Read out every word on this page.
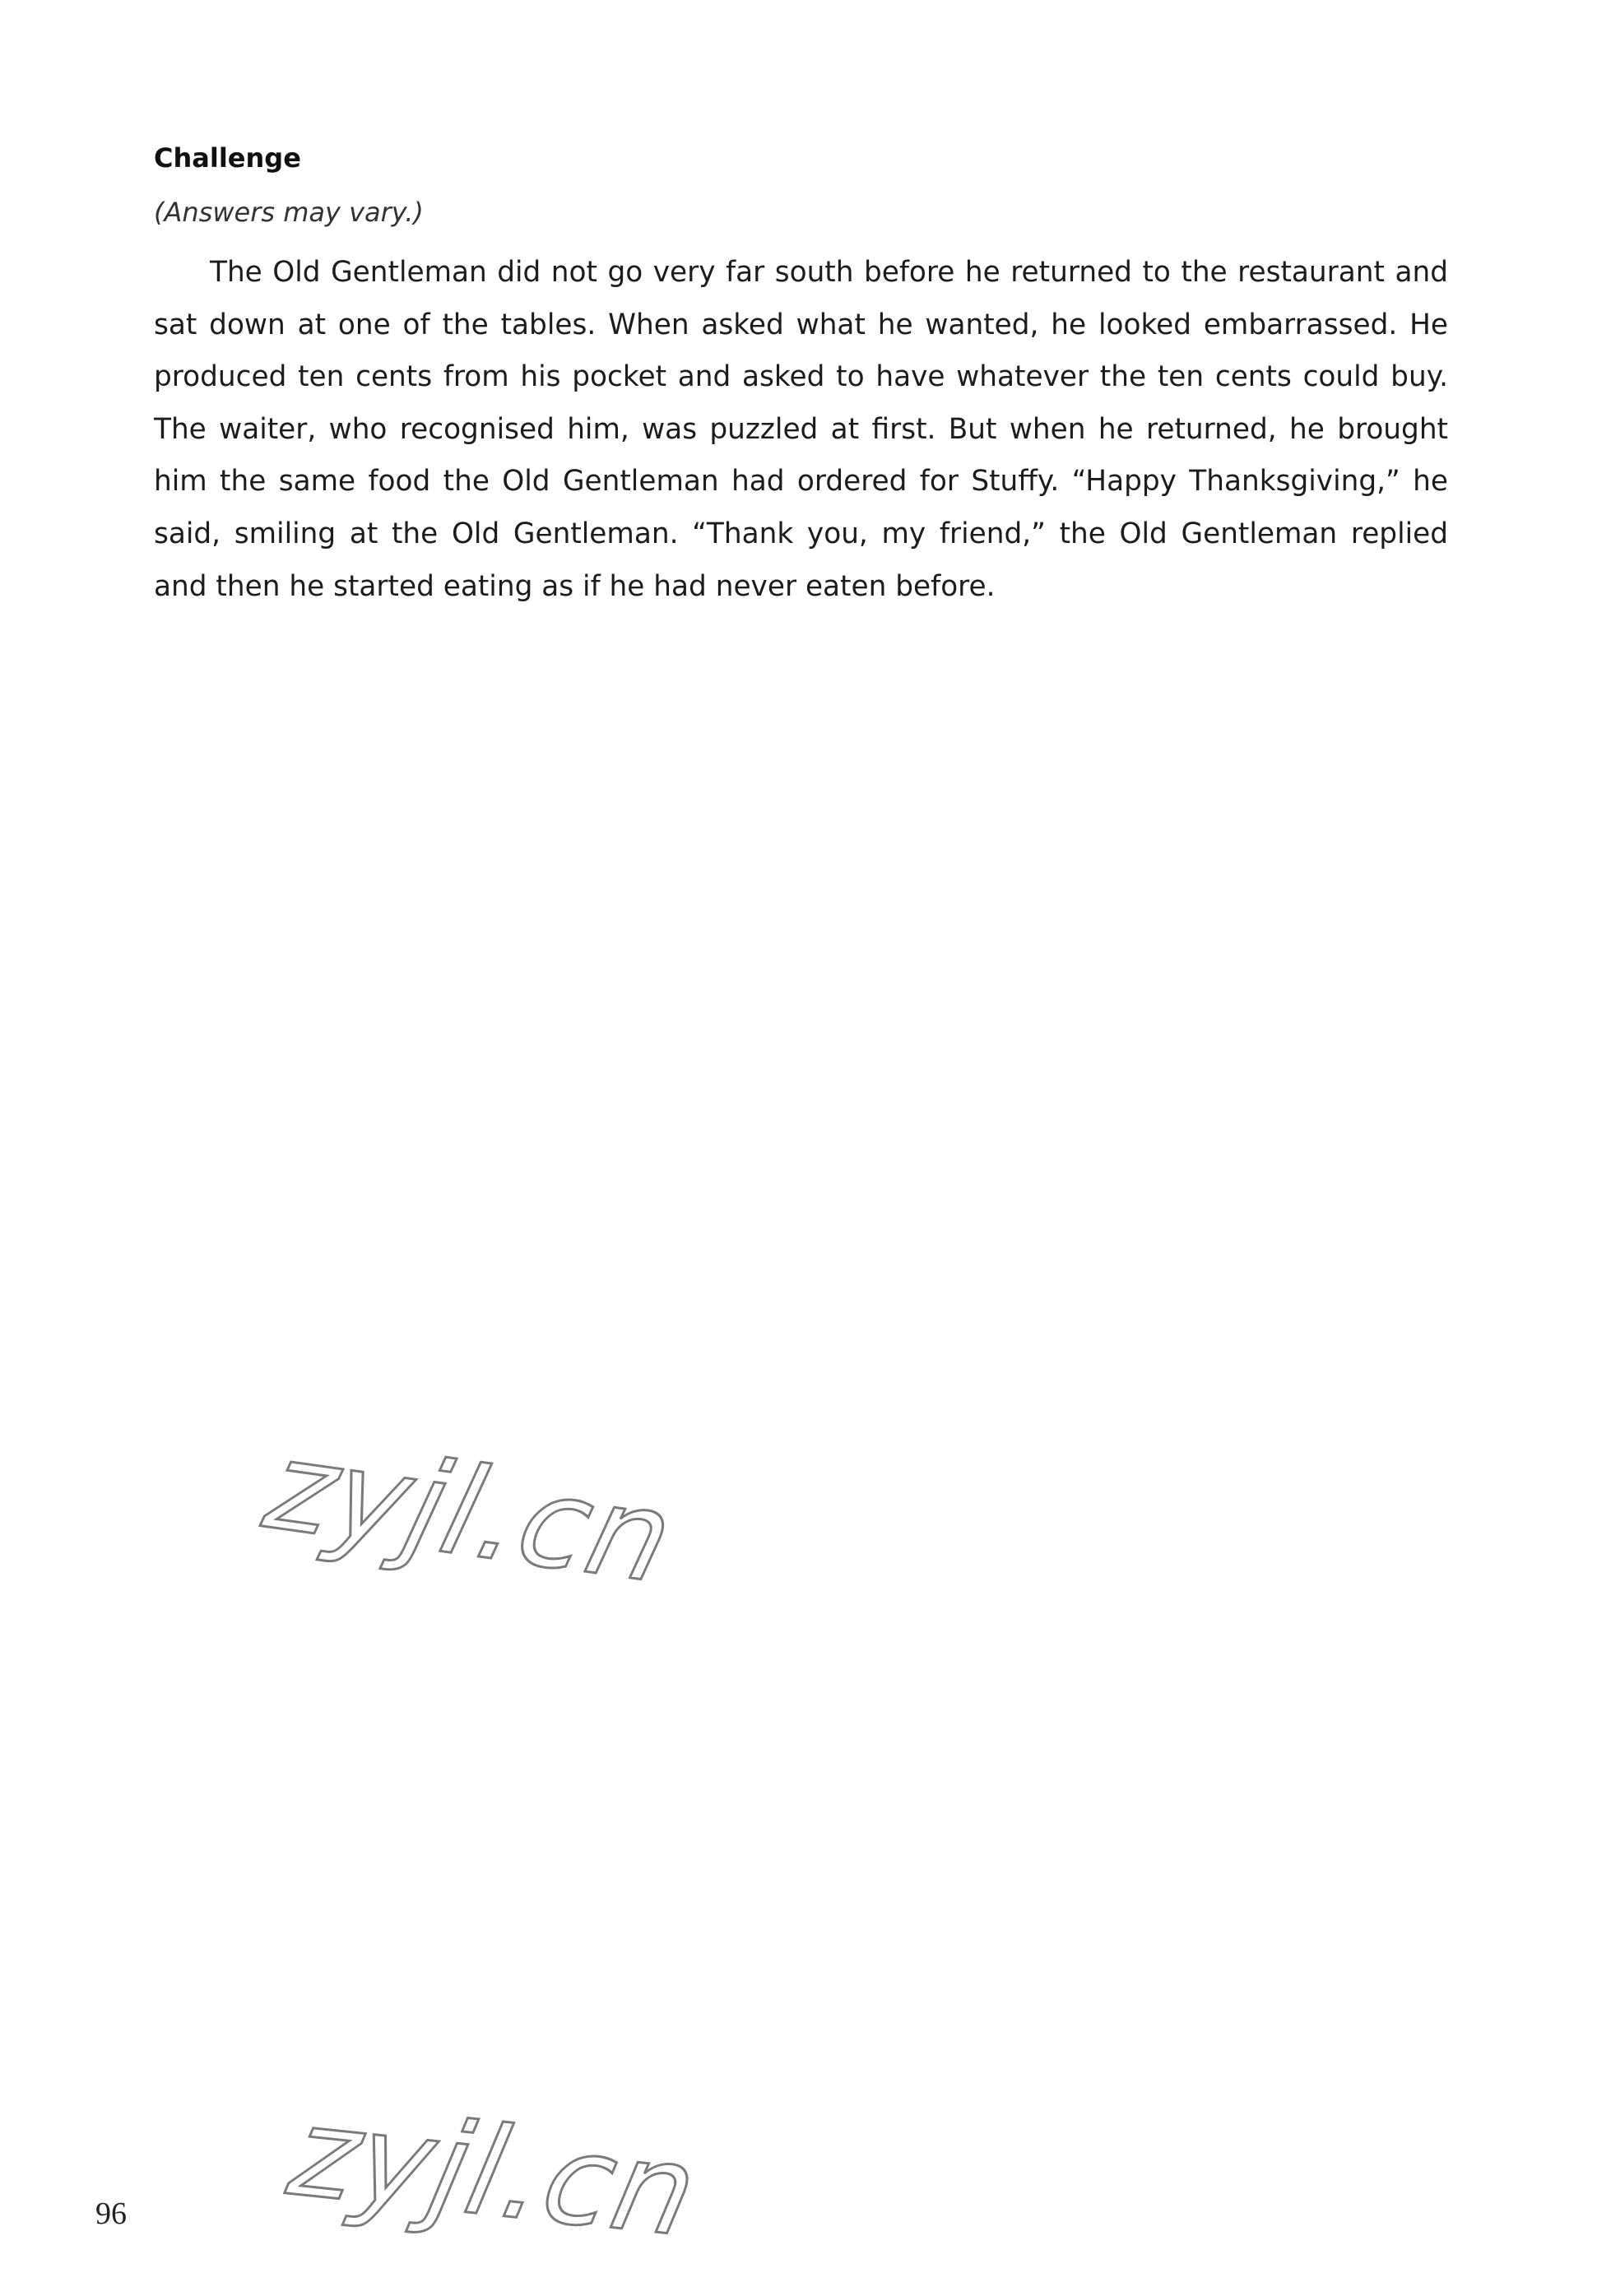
Challenge

(Answers may vary.)

The Old Gentleman did not go very far south before he returned to the restaurant and sat down at one of the tables. When asked what he wanted, he looked embarrassed. He produced ten cents from his pocket and asked to have whatever the ten cents could buy. The waiter, who recognised him, was puzzled at first. But when he returned, he brought him the same food the Old Gentleman had ordered for Stuffy. “Happy Thanksgiving,” he said, smiling at the Old Gentleman. “Thank you, my friend,” the Old Gentleman replied and then he started eating as if he had never eaten before.

zyjl.cn
zyjl.cn

96
